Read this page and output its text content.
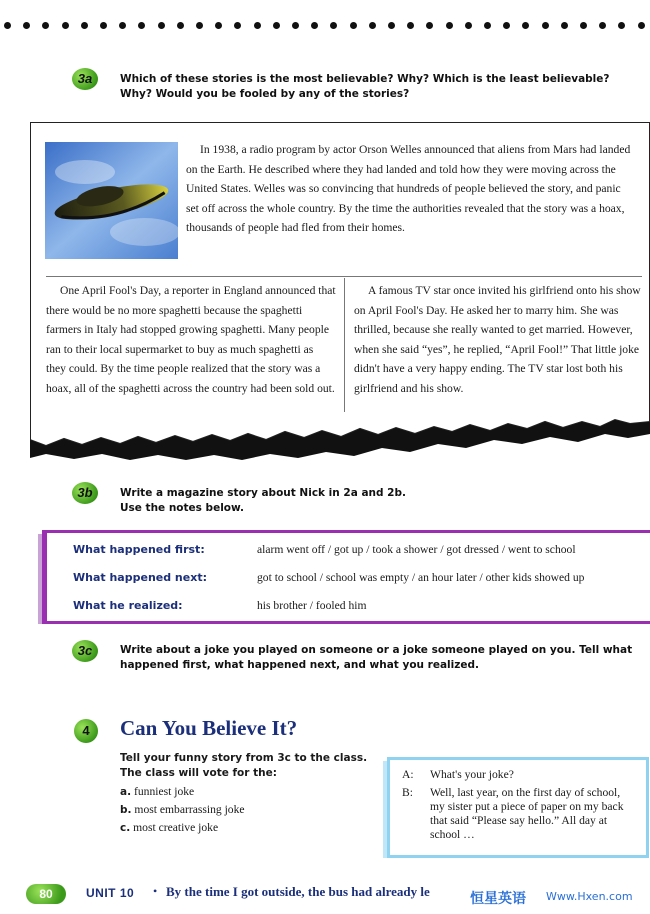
3a	Which of these stories is the most believable? Why? Which is the least believable? Why? Would you be fooled by any of the stories?
In 1938, a radio program by actor Orson Welles announced that aliens from Mars had landed on the Earth. He described where they had landed and told how they were moving across the United States. Welles was so convincing that hundreds of people believed the story, and panic set off across the whole country. By the time the authorities revealed that the story was a hoax, thousands of people had fled from their homes.
One April Fool's Day, a reporter in England announced that there would be no more spaghetti because the spaghetti farmers in Italy had stopped growing spaghetti. Many people ran to their local supermarket to buy as much spaghetti as they could. By the time people realized that the story was a hoax, all of the spaghetti across the country had been sold out.
A famous TV star once invited his girlfriend onto his show on April Fool's Day. He asked her to marry him. She was thrilled, because she really wanted to get married. However, when she said “yes”, he replied, “April Fool!” That little joke didn't have a very happy ending. The TV star lost both his girlfriend and his show.
3b	Write a magazine story about Nick in 2a and 2b.
Use the notes below.
What happened first:	alarm went off / got up / took a shower / got dressed / went to school
What happened next:	got to school / school was empty / an hour later / other kids showed up
What he realized:	his brother / fooled him
3c	Write about a joke you played on someone or a joke someone played on you. Tell what happened first, what happened next, and what you realized.
4	Can You Believe It?
Tell your funny story from 3c to the class. The class will vote for the:
a. funniest joke
b. most embarrassing joke
c. most creative joke
A:	What's your joke?
B:	Well, last year, on the first day of school, my sister put a piece of paper on my back that said “Please say hello.” All day at school …
80	UNIT 10 • By the time I got outside, the bus had already le	恒星英语 Www.Hxen.com
